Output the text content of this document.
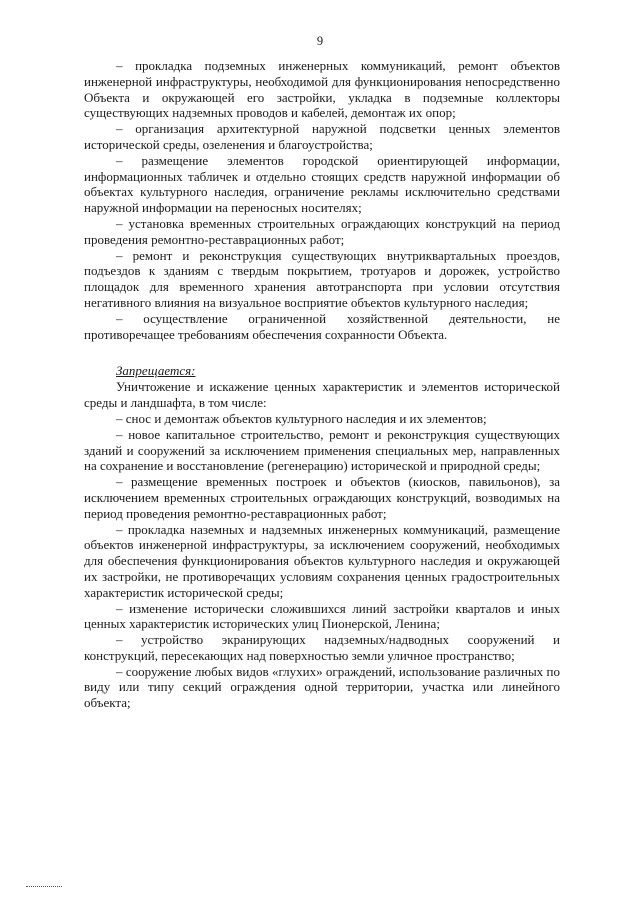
9

– прокладка подземных инженерных коммуникаций, ремонт объектов инженерной инфраструктуры, необходимой для функционирования непосредственно Объекта и окружающей его застройки, укладка в подземные коллекторы существующих надземных проводов и кабелей, демонтаж их опор;

– организация архитектурной наружной подсветки ценных элементов исторической среды, озеленения и благоустройства;

– размещение элементов городской ориентирующей информации, информационных табличек и отдельно стоящих средств наружной информации об объектах культурного наследия, ограничение рекламы исключительно средствами наружной информации на переносных носителях;

– установка временных строительных ограждающих конструкций на период проведения ремонтно-реставрационных работ;

– ремонт и реконструкция существующих внутриквартальных проездов, подъездов к зданиям с твердым покрытием, тротуаров и дорожек, устройство площадок для временного хранения автотранспорта при условии отсутствия негативного влияния на визуальное восприятие объектов культурного наследия;

– осуществление ограниченной хозяйственной деятельности, не противоречащее требованиям обеспечения сохранности Объекта.

Запрещается:

Уничтожение и искажение ценных характеристик и элементов исторической среды и ландшафта, в том числе:

– снос и демонтаж объектов культурного наследия и их элементов;

– новое капитальное строительство, ремонт и реконструкция существующих зданий и сооружений за исключением применения специальных мер, направленных на сохранение и восстановление (регенерацию) исторической и природной среды;

– размещение временных построек и объектов (киосков, павильонов), за исключением временных строительных ограждающих конструкций, возводимых на период проведения ремонтно-реставрационных работ;

– прокладка наземных и надземных инженерных коммуникаций, размещение объектов инженерной инфраструктуры, за исключением сооружений, необходимых для обеспечения функционирования объектов культурного наследия и окружающей их застройки, не противоречащих условиям сохранения ценных градостроительных характеристик исторической среды;

– изменение исторически сложившихся линий застройки кварталов и иных ценных характеристик исторических улиц Пионерской, Ленина;

– устройство экранирующих надземных/надводных сооружений и конструкций, пересекающих над поверхностью земли уличное пространство;

– сооружение любых видов «глухих» ограждений, использование различных по виду или типу секций ограждения одной территории, участка или линейного объекта;
